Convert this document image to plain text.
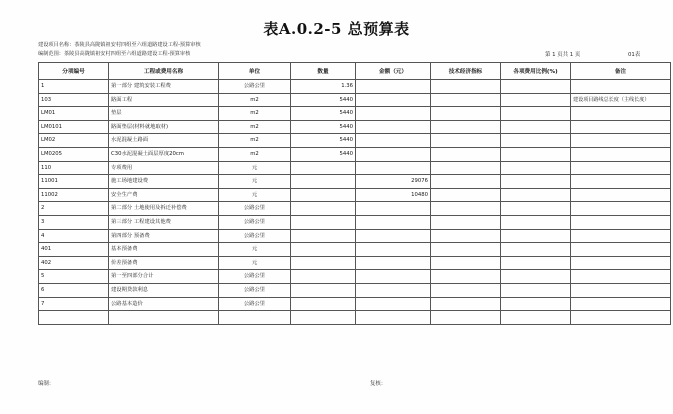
表A.0.2-5 总预算表
建设项目名称：茶陵县高陇镇祖安村四组至六组道路建设工程-预算审核
编制范围：茶陵县高陇镇祖安村四组至六组道路建设工程-预算审核	第 1 页共 1 页	01表
分项编号	工程或费用名称	单位	数量	金额（元）	技术经济指标	各项费用比例(%)	备注
1	第一部分 建筑安装工程费	公路公里	1.36				
103	路面工程	m2	5440				建设项目路线总长度（主线长度）

LM01	垫层	m2	5440				
LM0101	路面垫层(材料就地取材)	m2	5440				
LM02	水泥混凝土路面	m2	5440				
LM0205	C30水泥混凝土面层厚度20cm	m2	5440				
110	专项费用	元					
11001	施工场地建设费	元		29076			
11002	安全生产费	元		10480			
2	第二部分 土地使用及拆迁补偿费	公路公里					
3	第三部分 工程建设其他费	公路公里					
4	第四部分 预备费	公路公里					
401	基本预备费	元					
402	价差预备费	元					
5	第一至四部分合计	公路公里					
6	建设期贷款利息	公路公里					
7	公路基本造价	公路公里					

编制：	复核：
